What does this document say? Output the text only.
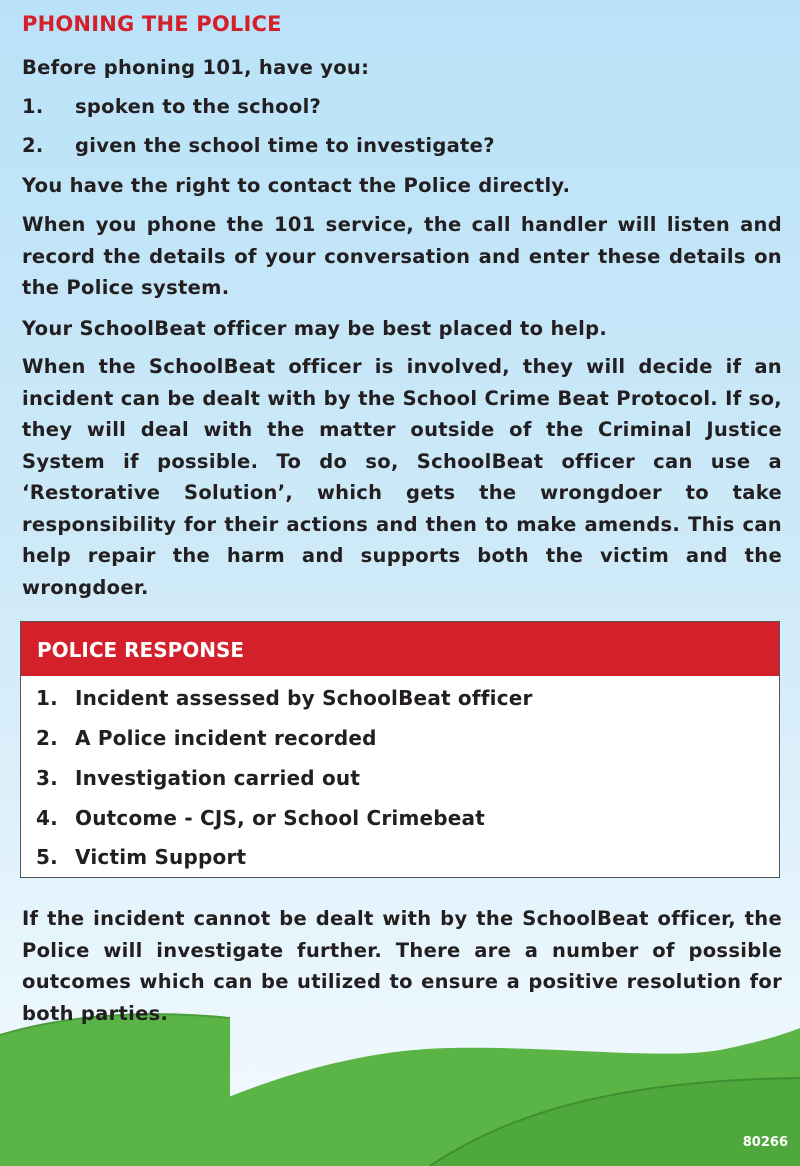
PHONING THE POLICE
Before phoning 101, have you:
1. spoken to the school?
2. given the school time to investigate?
You have the right to contact the Police directly.
When you phone the 101 service, the call handler will listen and record the details of your conversation and enter these details on the Police system.
Your SchoolBeat officer may be best placed to help.
When the SchoolBeat officer is involved, they will decide if an incident can be dealt with by the School Crime Beat Protocol. If so, they will deal with the matter outside of the Criminal Justice System if possible. To do so, SchoolBeat officer can use a ‘Restorative Solution’, which gets the wrongdoer to take responsibility for their actions and then to make amends. This can help repair the harm and supports both the victim and the wrongdoer.
POLICE RESPONSE
1. Incident assessed by SchoolBeat officer
2. A Police incident recorded
3. Investigation carried out
4. Outcome - CJS, or School Crimebeat
5. Victim Support
If the incident cannot be dealt with by the SchoolBeat officer, the Police will investigate further. There are a number of possible outcomes which can be utilized to ensure a positive resolution for both parties.
80266
